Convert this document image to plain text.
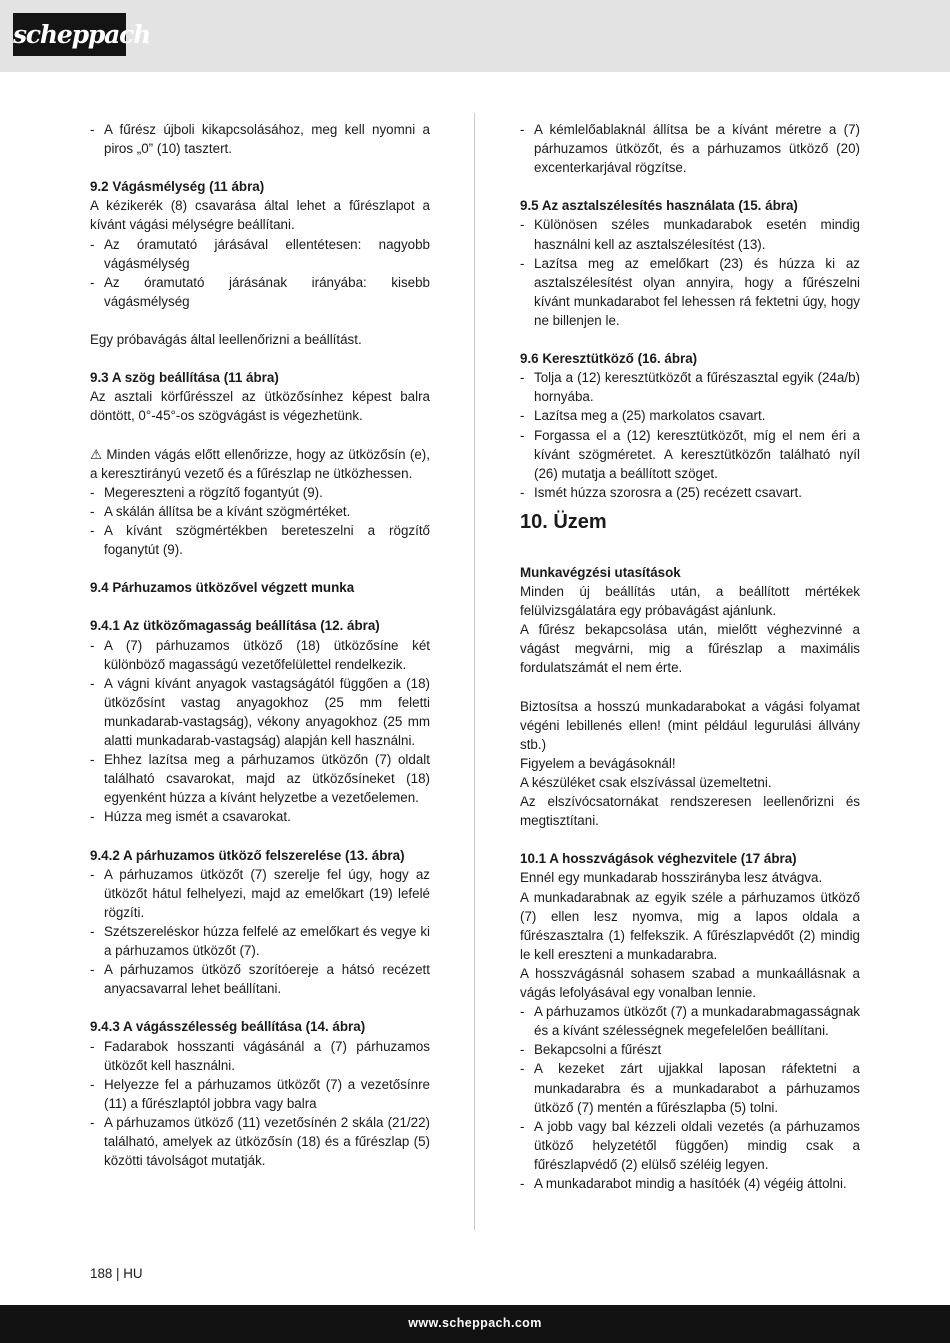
scheppach
- A fűrész újboli kikapcsolásához, meg kell nyomni a piros „0” (10) tasztert.

9.2 Vágásmélység (11 ábra)

A kézikerék (8) csavarása által lehet a fűrészlapot a kívánt vágási mélységre beállítani.

- Az óramutató járásával ellentétesen: nagyobb vágásmélység
- Az óramutató járásának irányába: kisebb vágásmélység

Egy próbavágás által leellenőrizni a beállítást.

9.3 A szög beállítása (11 ábra)

Az asztali körfűrésszel az ütközősínhez képest balra döntött, 0°-45°-os szögvágást is végezhetünk.

⚠ Minden vágás előtt ellenőrizze, hogy az ütközősín (e), a keresztirányú vezető és a fűrészlap ne ütközhessen.

- Megereszteni a rögzítő fogantyút (9).
- A skálán állítsa be a kívánt szögmértéket.
- A kívánt szögmértékben bereteszelni a rögzítő foganytút (9).

9.4 Párhuzamos ütközővel végzett munka

9.4.1 Az ütközőmagasság beállítása (12. ábra)

- A (7) párhuzamos ütköző (18) ütközősíne két különböző magasságú vezetőfelülettel rendelkezik.
- A vágni kívánt anyagok vastagságától függően a (18) ütközősínt vastag anyagokhoz (25 mm feletti munkadarab-vastagság), vékony anyagokhoz (25 mm alatti munkadarab-vastagság) alapján kell használni.
- Ehhez lazítsa meg a párhuzamos ütközőn (7) oldalt található csavarokat, majd az ütközősíneket (18) egyenként húzza a kívánt helyzetbe a vezetőelemen.
- Húzza meg ismét a csavarokat.

9.4.2 A párhuzamos ütköző felszerelése (13. ábra)

- A párhuzamos ütközőt (7) szerelje fel úgy, hogy az ütközőt hátul felhelyezi, majd az emelőkart (19) lefelé rögzíti.
- Szétszereléskor húzza felfelé az emelőkart és vegye ki a párhuzamos ütközőt (7).
- A párhuzamos ütköző szorítóereje a hátsó recézett anyacsavarral lehet beállítani.

9.4.3 A vágásszélesség beállítása (14. ábra)

- Fadarabok hosszanti vágásánál a (7) párhuzamos ütközőt kell használni.
- Helyezze fel a párhuzamos ütközőt (7) a vezetősínre (11) a fűrészlaptól jobbra vagy balra
- A párhuzamos ütköző (11) vezetősínén 2 skála (21/22) található, amelyek az ütközősín (18) és a fűrészlap (5) közötti távolságot mutatják.
- A kémlelőablaknál állítsa be a kívánt méretre a (7) párhuzamos ütközőt, és a párhuzamos ütköző (20) excenterkarjával rögzítse.

9.5 Az asztalszélesítés használata (15. ábra)

- Különösen széles munkadarabok esetén mindig használni kell az asztalszélesítést (13).
- Lazítsa meg az emelőkart (23) és húzza ki az asztalszélesítést olyan annyira, hogy a fűrészelni kívánt munkadarabot fel lehessen rá fektetni úgy, hogy ne billenjen le.

9.6 Keresztütköző (16. ábra)

- Tolja a (12) keresztütközőt a fűrészasztal egyik (24a/b) hornyába.
- Lazítsa meg a (25) markolatos csavart.
- Forgassa el a (12) keresztütközőt, míg el nem éri a kívánt szögméretet. A keresztütközőn található nyíl (26) mutatja a beállított szöget.
- Ismét húzza szorosra a (25) recézett csavart.

10. Üzem

Munkavégzési utasítások

Minden új beállítás után, a beállított mértékek felülvizsgálatára egy próbavágást ajánlunk.

A fűrész bekapcsolása után, mielőtt véghezvinné a vágást megvárni, mig a fűrészlap a maximális fordulatszámát el nem érte.

Biztosítsa a hosszú munkadarabokat a vágási folyamat végéni lebillenés ellen! (mint például legurulási állvány stb.)

Figyelem a bevágásoknál!

A készüléket csak elszívással üzemeltetni.

Az elszívócsatornákat rendszeresen leellenőrizni és megtisztítani.

10.1 A hosszvágások véghezvitele (17 ábra)

Ennél egy munkadarab hosszirányba lesz átvágva.

A munkadarabnak az egyik széle a párhuzamos ütköző (7) ellen lesz nyomva, mig a lapos oldala a fűrészasztalra (1) felfekszik. A fűrészlapvédőt (2) mindig le kell ereszteni a munkadarabra.

A hosszvágásnál sohasem szabad a munkaállásnak a vágás lefolyásával egy vonalban lennie.

- A párhuzamos ütközőt (7) a munkadarabmagasságnak és a kívánt szélességnek megefelelően beállítani.
- Bekapcsolni a fűrészt
- A kezeket zárt ujjakkal laposan ráfektetni a munkadarabra és a munkadarabot a párhuzamos ütköző (7) mentén a fűrészlapba (5) tolni.
- A jobb vagy bal kézzeli oldali vezetés (a párhuzamos ütköző helyzetétől függően) mindig csak a fűrészlapvédő (2) elülső széléig legyen.
- A munkadarabot mindig a hasítóék (4) végéig áttolni.
188 | HU
www.scheppach.com
